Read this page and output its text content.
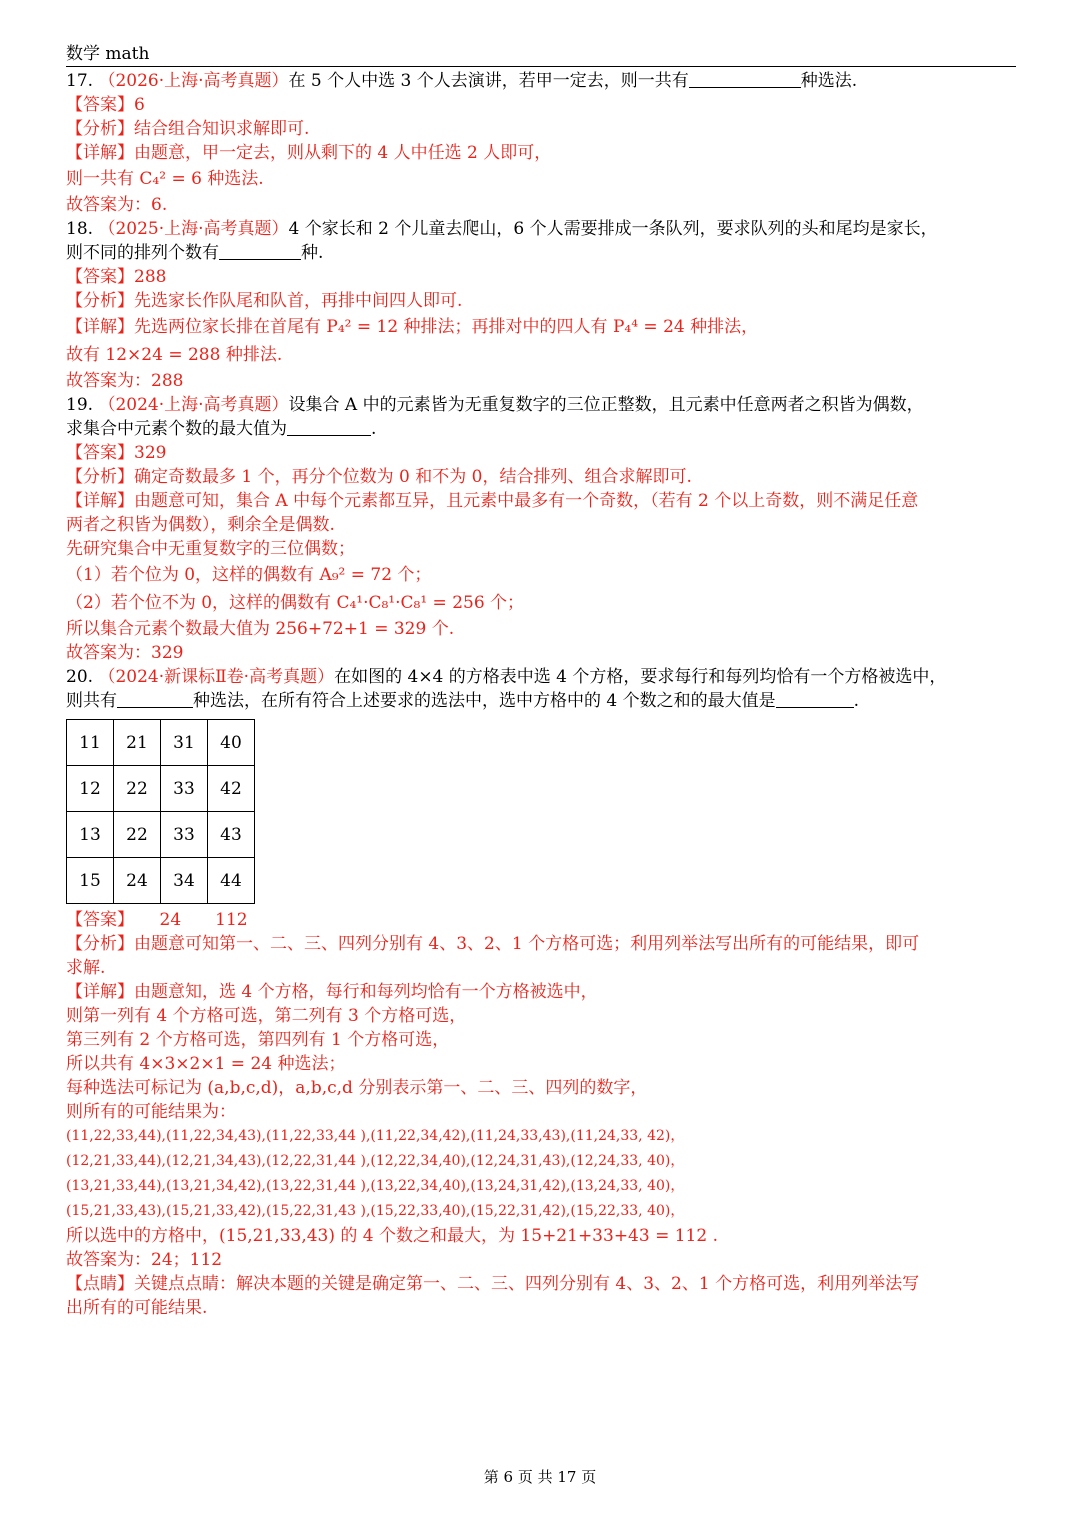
数学 math
17. （2026·上海·高考真题）在 5 个人中选 3 个人去演讲，若甲一定去，则一共有	种选法.
【答案】6
【分析】结合组合知识求解即可.
【详解】由题意，甲一定去，则从剩下的 4 人中任选 2 人即可，
则一共有 C₄² = 6 种选法.
故答案为：6.
18. （2025·上海·高考真题）4 个家长和 2 个儿童去爬山，6 个人需要排成一条队列，要求队列的头和尾均是家长，
则不同的排列个数有	种.
【答案】288
【分析】先选家长作队尾和队首，再排中间四人即可.
【详解】先选两位家长排在首尾有 P₄² = 12 种排法；再排对中的四人有 P₄⁴ = 24 种排法，
故有 12×24 = 288 种排法.
故答案为：288
19. （2024·上海·高考真题）设集合 A 中的元素皆为无重复数字的三位正整数，且元素中任意两者之积皆为偶数，
求集合中元素个数的最大值为	.
【答案】329
【分析】确定奇数最多 1 个，再分个位数为 0 和不为 0，结合排列、组合求解即可.
【详解】由题意可知，集合 A 中每个元素都互异，且元素中最多有一个奇数，（若有 2 个以上奇数，则不满足任意
两者之积皆为偶数），剩余全是偶数.
先研究集合中无重复数字的三位偶数；
（1）若个位为 0，这样的偶数有 A₉² = 72 个；
（2）若个位不为 0，这样的偶数有 C₄¹·C₈¹·C₈¹ = 256 个；
所以集合元素个数最大值为 256+72+1 = 329 个.
故答案为：329
20. （2024·新课标Ⅱ卷·高考真题）在如图的 4×4 的方格表中选 4 个方格，要求每行和每列均恰有一个方格被选中，
则共有	种选法，在所有符合上述要求的选法中，选中方格中的 4 个数之和的最大值是	.
11	21	31	40
12	22	33	42
13	22	33	43
15	24	34	44
【答案】　　24　　112
【分析】由题意可知第一、二、三、四列分别有 4、3、2、1 个方格可选；利用列举法写出所有的可能结果，即可
求解.
【详解】由题意知，选 4 个方格，每行和每列均恰有一个方格被选中，
则第一列有 4 个方格可选，第二列有 3 个方格可选，
第三列有 2 个方格可选，第四列有 1 个方格可选，
所以共有 4×3×2×1 = 24 种选法；
每种选法可标记为 (a,b,c,d)，a,b,c,d 分别表示第一、二、三、四列的数字，
则所有的可能结果为：
(11,22,33,44),(11,22,34,43),(11,22,33,44 ),(11,22,34,42),(11,24,33,43),(11,24,33, 42)，
(12,21,33,44),(12,21,34,43),(12,22,31,44 ),(12,22,34,40),(12,24,31,43),(12,24,33, 40)，
(13,21,33,44),(13,21,34,42),(13,22,31,44 ),(13,22,34,40),(13,24,31,42),(13,24,33, 40)，
(15,21,33,43),(15,21,33,42),(15,22,31,43 ),(15,22,33,40),(15,22,31,42),(15,22,33, 40)，
所以选中的方格中，(15,21,33,43) 的 4 个数之和最大，为 15+21+33+43 = 112 .
故答案为：24；112
【点睛】关键点点睛：解决本题的关键是确定第一、二、三、四列分别有 4、3、2、1 个方格可选，利用列举法写
出所有的可能结果.
第 6 页 共 17 页
